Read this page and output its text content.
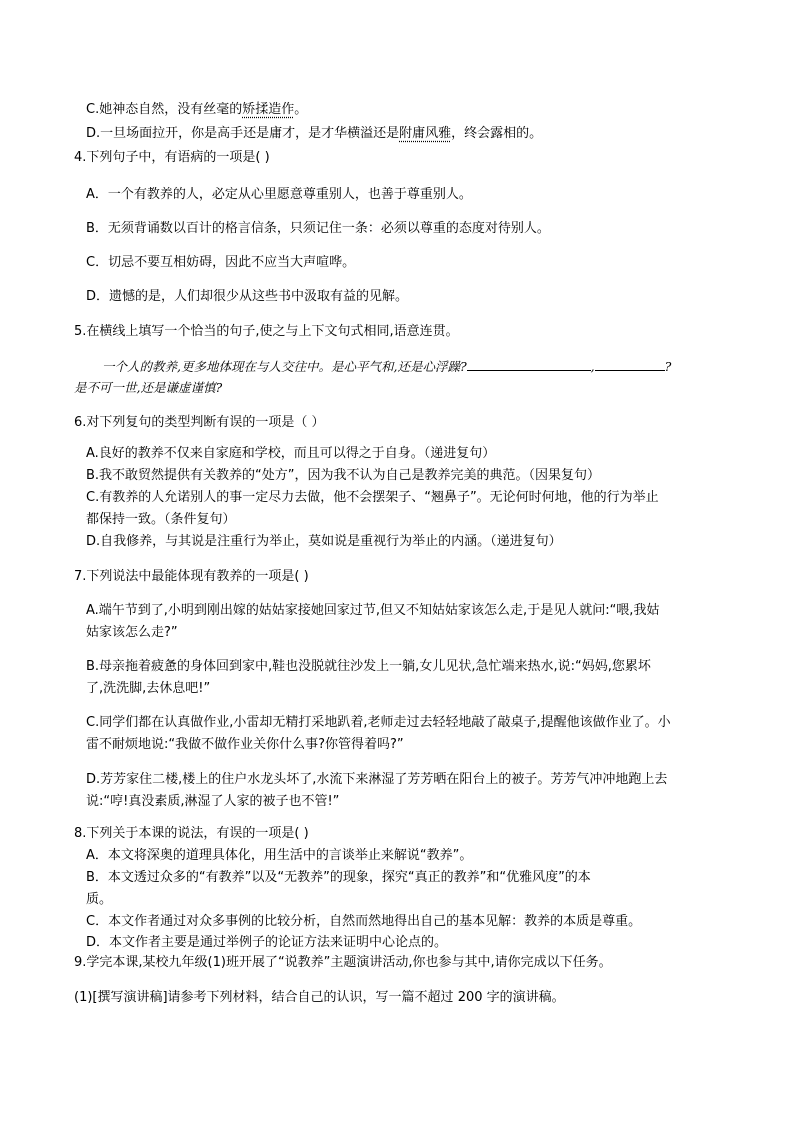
C.她神态自然，没有丝毫的矫揉造作。
D.一旦场面拉开，你是高手还是庸才，是才华横溢还是附庸风雅，终会露相的。
4.下列句子中，有语病的一项是( )
A．一个有教养的人，必定从心里愿意尊重别人，也善于尊重别人。
B．无须背诵数以百计的格言信条，只须记住一条：必须以尊重的态度对待别人。
C．切忌不要互相妨碍，因此不应当大声喧哗。
D．遗憾的是，人们却很少从这些书中汲取有益的见解。
5.在横线上填写一个恰当的句子,使之与上下文句式相同,语意连贯。
一个人的教养,更多地体现在与人交往中。是心平气和,还是心浮躁?	,	?
是不可一世,还是谦虚谨慎?
6.对下列复句的类型判断有误的一项是（ ）
A.良好的教养不仅来自家庭和学校，而且可以得之于自身。（递进复句）
B.我不敢贸然提供有关教养的“处方”，因为我不认为自己是教养完美的典范。（因果复句）
C.有教养的人允诺别人的事一定尽力去做，他不会摆架子、“翘鼻子”。无论何时何地，他的行为举止
都保持一致。（条件复句）
D.自我修养，与其说是注重行为举止，莫如说是重视行为举止的内涵。（递进复句）
7.下列说法中最能体现有教养的一项是( )
A.端午节到了,小明到刚出嫁的姑姑家接她回家过节,但又不知姑姑家该怎么走,于是见人就问:“喂,我姑
姑家该怎么走?”
B.母亲拖着疲惫的身体回到家中,鞋也没脱就往沙发上一躺,女儿见状,急忙端来热水,说:“妈妈,您累坏
了,洗洗脚,去休息吧!”
C.同学们都在认真做作业,小雷却无精打采地趴着,老师走过去轻轻地敲了敲桌子,提醒他该做作业了。小
雷不耐烦地说:“我做不做作业关你什么事?你管得着吗?”
D.芳芳家住二楼,楼上的住户水龙头坏了,水流下来淋湿了芳芳晒在阳台上的被子。芳芳气冲冲地跑上去
说:“哼!真没素质,淋湿了人家的被子也不管!”
8.下列关于本课的说法，有误的一项是( )
A．本文将深奥的道理具体化，用生活中的言谈举止来解说“教养”。
B．本文透过众多的“有教养”以及“无教养”的现象，探究“真正的教养”和“优雅风度”的本
质。
C．本文作者通过对众多事例的比较分析，自然而然地得出自己的基本见解：教养的本质是尊重。
D．本文作者主要是通过举例子的论证方法来证明中心论点的。
9.学完本课,某校九年级(1)班开展了“说教养”主题演讲活动,你也参与其中,请你完成以下任务。
(1)[撰写演讲稿]请参考下列材料，结合自己的认识，写一篇不超过 200 字的演讲稿。
